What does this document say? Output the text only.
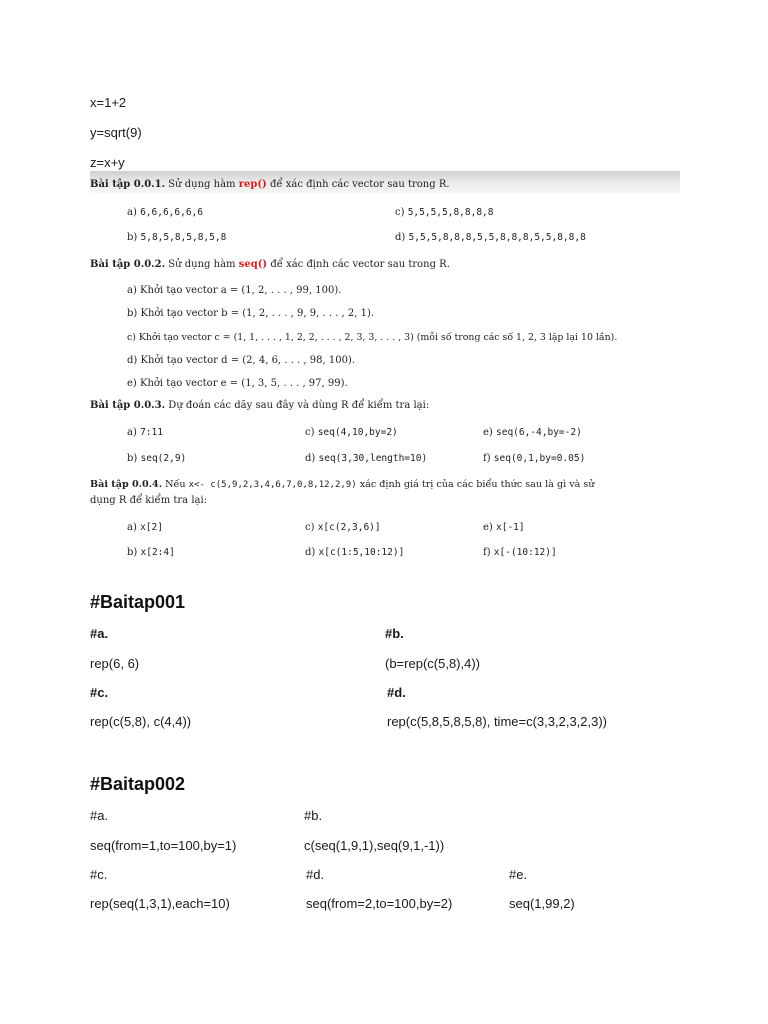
x=1+2
y=sqrt(9)
z=x+y
Bài tập 0.0.1. Sử dụng hàm rep() để xác định các vector sau trong R.
a) 6,6,6,6,6,6	c) 5,5,5,5,8,8,8,8
b) 5,8,5,8,5,8,5,8	d) 5,5,5,8,8,8,5,5,8,8,8,5,5,8,8,8
Bài tập 0.0.2. Sử dụng hàm seq() để xác định các vector sau trong R.
a) Khởi tạo vector a = (1, 2, . . . , 99, 100).
b) Khởi tạo vector b = (1, 2, . . . , 9, 9, . . . , 2, 1).
c) Khởi tạo vector c = (1, 1, . . . , 1, 2, 2, . . . , 2, 3, 3, . . . , 3) (mỗi số trong các số 1, 2, 3 lặp lại 10 lần).
d) Khởi tạo vector d = (2, 4, 6, . . . , 98, 100).
e) Khởi tạo vector e = (1, 3, 5, . . . , 97, 99).
Bài tập 0.0.3. Dự đoán các dãy sau đây và dùng R để kiểm tra lại:
a) 7:11	c) seq(4,10,by=2)	e) seq(6,-4,by=-2)
b) seq(2,9)	d) seq(3,30,length=10)	f) seq(0,1,by=0.05)
Bài tập 0.0.4. Nếu x<- c(5,9,2,3,4,6,7,0,8,12,2,9) xác định giá trị của các biểu thức sau là gì và sử
dụng R để kiểm tra lại:
a) x[2]	c) x[c(2,3,6)]	e) x[-1]
b) x[2:4]	d) x[c(1:5,10:12)]	f) x[-(10:12)]
#Baitap001
#a.	#b.
rep(6, 6)	(b=rep(c(5,8),4))
#c.	#d.
rep(c(5,8), c(4,4))	rep(c(5,8,5,8,5,8), time=c(3,3,2,3,2,3))
#Baitap002
#a.	#b.
seq(from=1,to=100,by=1)	c(seq(1,9,1),seq(9,1,-1))
#c.	#d.	#e.
rep(seq(1,3,1),each=10)	seq(from=2,to=100,by=2)	seq(1,99,2)
